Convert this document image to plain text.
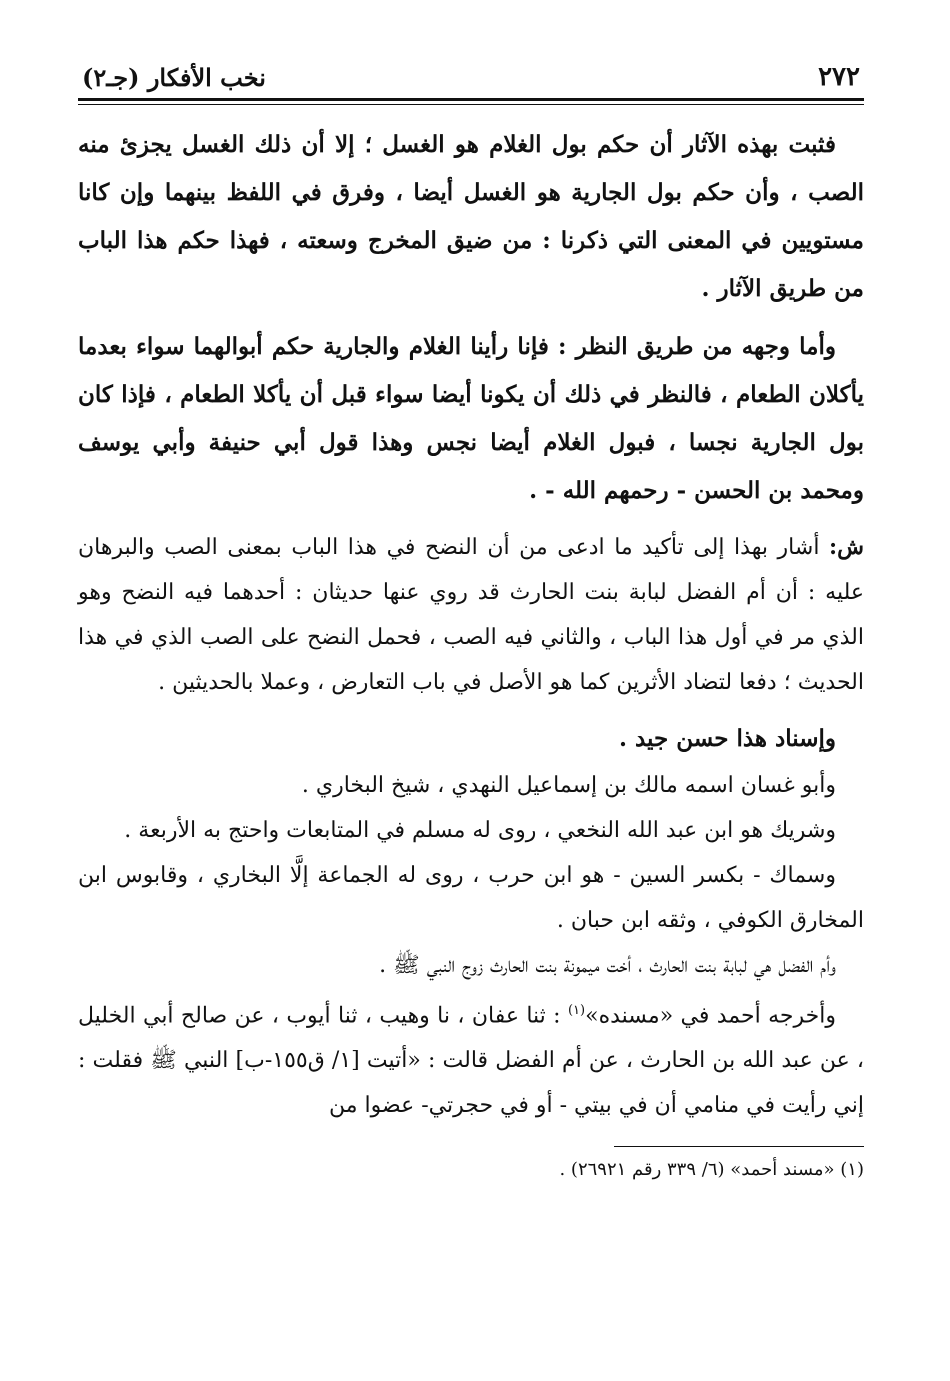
٢٧٢
نخب الأفكار (جـ٢)

فثبت بهذه الآثار أن حكم بول الغلام هو الغسل ؛ إلا أن ذلك الغسل يجزئ منه الصب ، وأن حكم بول الجارية هو الغسل أيضا ، وفرق في اللفظ بينهما وإن كانا مستويين في المعنى التي ذكرنا : من ضيق المخرج وسعته ، فهذا حكم هذا الباب من طريق الآثار .

وأما وجهه من طريق النظر : فإنا رأينا الغلام والجارية حكم أبوالهما سواء بعدما يأكلان الطعام ، فالنظر في ذلك أن يكونا أيضا سواء قبل أن يأكلا الطعام ، فإذا كان بول الجارية نجسا ، فبول الغلام أيضا نجس وهذا قول أبي حنيفة وأبي يوسف ومحمد بن الحسن - رحمهم الله - .

ش: أشار بهذا إلى تأكيد ما ادعى من أن النضح في هذا الباب بمعنى الصب والبرهان عليه : أن أم الفضل لبابة بنت الحارث قد روي عنها حديثان : أحدهما فيه النضح وهو الذي مر في أول هذا الباب ، والثاني فيه الصب ، فحمل النضح على الصب الذي في هذا الحديث ؛ دفعا لتضاد الأثرين كما هو الأصل في باب التعارض ، وعملا بالحديثين .

وإسناد هذا حسن جيد .

وأبو غسان اسمه مالك بن إسماعيل النهدي ، شيخ البخاري .

وشريك هو ابن عبد الله النخعي ، روى له مسلم في المتابعات واحتج به الأربعة .

وسماك - بكسر السين - هو ابن حرب ، روى له الجماعة إلَّا البخاري ، وقابوس ابن المخارق الكوفي ، وثقه ابن حبان .

وأم الفضل هي لبابة بنت الحارث ، أخت ميمونة بنت الحارث زوج النبي ﷺ .

وأخرجه أحمد في «مسنده»$^{(١)}$ : ثنا عفان ، نا وهيب ، ثنا أيوب ، عن صالح أبي الخليل ، عن عبد الله بن الحارث ، عن أم الفضل قالت : «أتيت [١/ ق١٥٥-ب] النبي ﷺ فقلت : إني رأيت في منامي أن في بيتي - أو في حجرتي- عضوا من

(١) «مسند أحمد» (٦/ ٣٣٩ رقم ٢٦٩٢١) .
